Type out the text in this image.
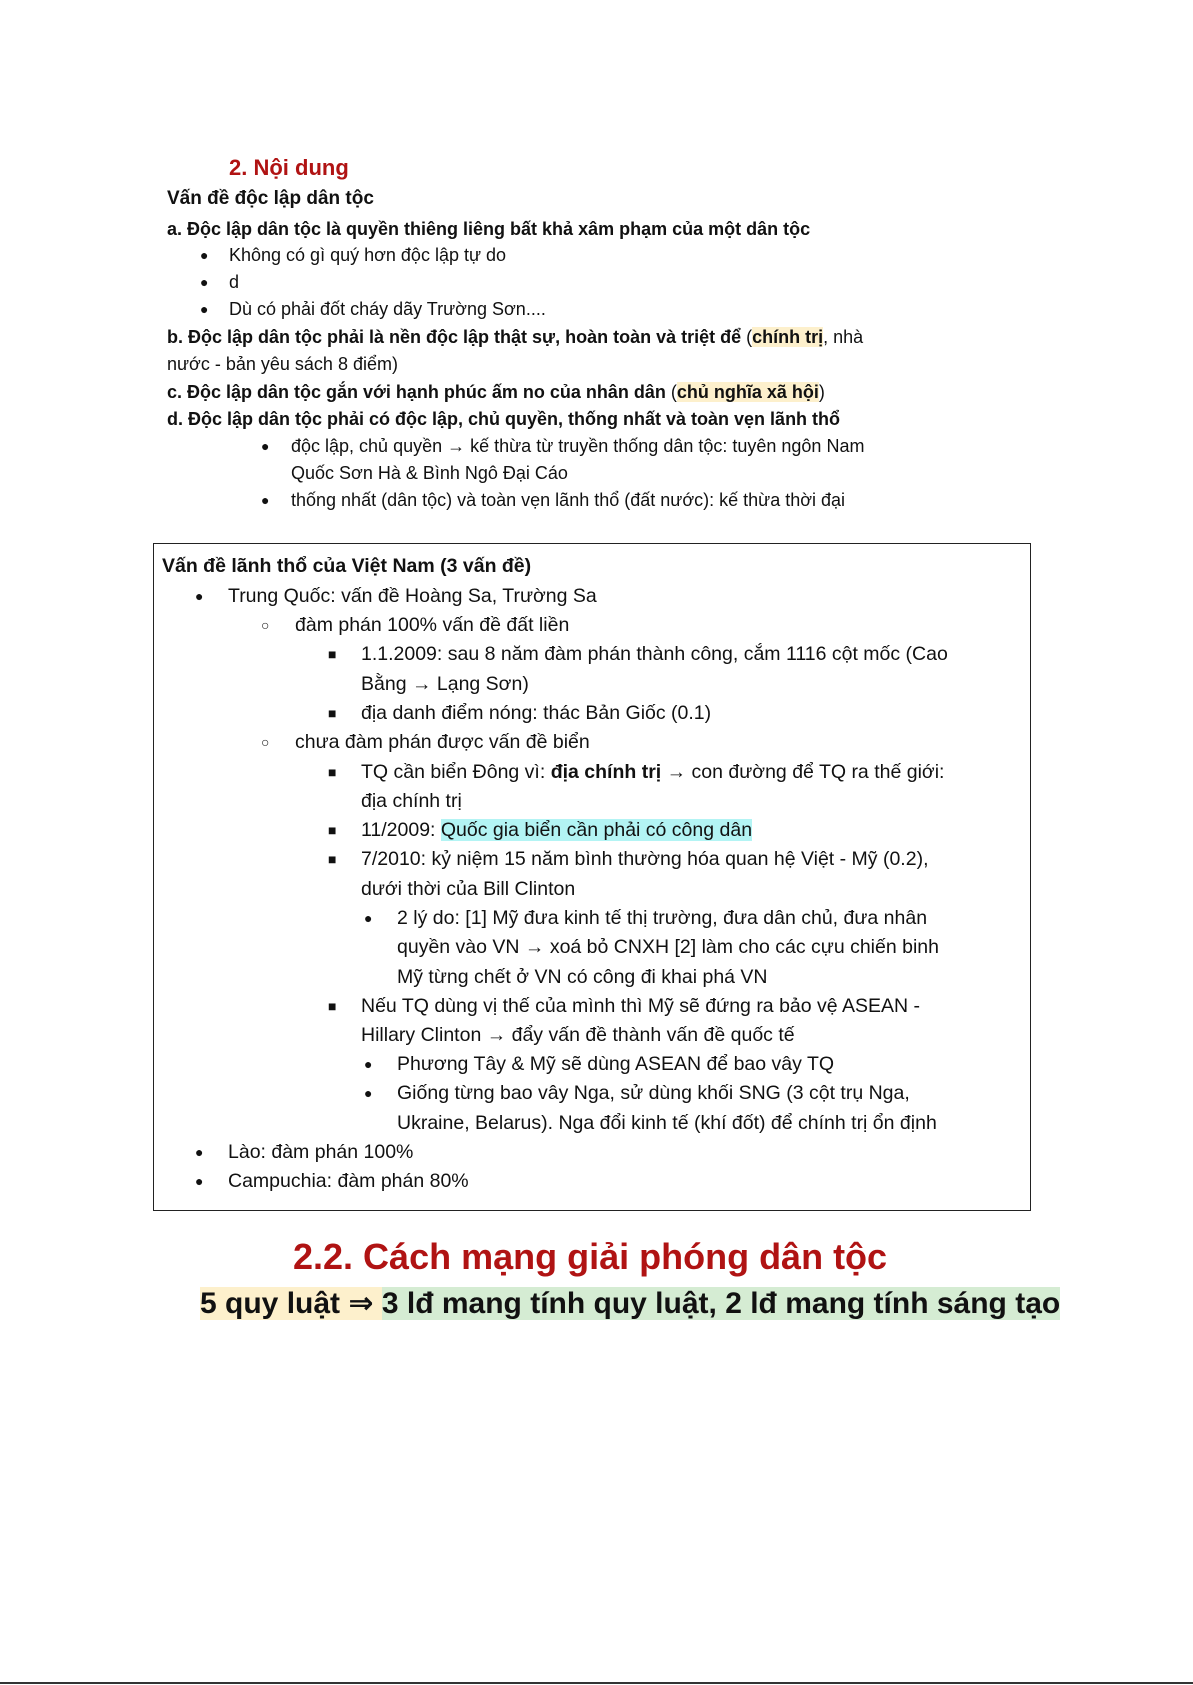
2. Nội dung
Vấn đề độc lập dân tộc
a. Độc lập dân tộc là quyền thiêng liêng bất khả xâm phạm của một dân tộc
● Không có gì quý hơn độc lập tự do
● d
● Dù có phải đốt cháy dãy Trường Sơn....
b. Độc lập dân tộc phải là nền độc lập thật sự, hoàn toàn và triệt để (chính trị, nhà
nước - bản yêu sách 8 điểm)
c. Độc lập dân tộc gắn với hạnh phúc ấm no của nhân dân (chủ nghĩa xã hội)
d. Độc lập dân tộc phải có độc lập, chủ quyền, thống nhất và toàn vẹn lãnh thổ
● độc lập, chủ quyền → kế thừa từ truyền thống dân tộc: tuyên ngôn Nam
Quốc Sơn Hà & Bình Ngô Đại Cáo
● thống nhất (dân tộc) và toàn vẹn lãnh thổ (đất nước): kế thừa thời đại
Vấn đề lãnh thổ của Việt Nam (3 vấn đề)
● Trung Quốc: vấn đề Hoàng Sa, Trường Sa
○ đàm phán 100% vấn đề đất liền
■ 1.1.2009: sau 8 năm đàm phán thành công, cắm 1116 cột mốc (Cao
Bằng → Lạng Sơn)
■ địa danh điểm nóng: thác Bản Giốc (0.1)
○ chưa đàm phán được vấn đề biển
■ TQ cần biển Đông vì: địa chính trị → con đường để TQ ra thế giới:
địa chính trị
■ 11/2009: Quốc gia biển cần phải có công dân
■ 7/2010: kỷ niệm 15 năm bình thường hóa quan hệ Việt - Mỹ (0.2),
dưới thời của Bill Clinton
● 2 lý do: [1] Mỹ đưa kinh tế thị trường, đưa dân chủ, đưa nhân
quyền vào VN → xoá bỏ CNXH [2] làm cho các cựu chiến binh
Mỹ từng chết ở VN có công đi khai phá VN
■ Nếu TQ dùng vị thế của mình thì Mỹ sẽ đứng ra bảo vệ ASEAN -
Hillary Clinton → đẩy vấn đề thành vấn đề quốc tế
● Phương Tây & Mỹ sẽ dùng ASEAN để bao vây TQ
● Giống từng bao vây Nga, sử dùng khối SNG (3 cột trụ Nga,
Ukraine, Belarus). Nga đổi kinh tế (khí đốt) để chính trị ổn định
● Lào: đàm phán 100%
● Campuchia: đàm phán 80%
2.2. Cách mạng giải phóng dân tộc
5 quy luật ⇒ 3 lđ mang tính quy luật, 2 lđ mang tính sáng tạo
